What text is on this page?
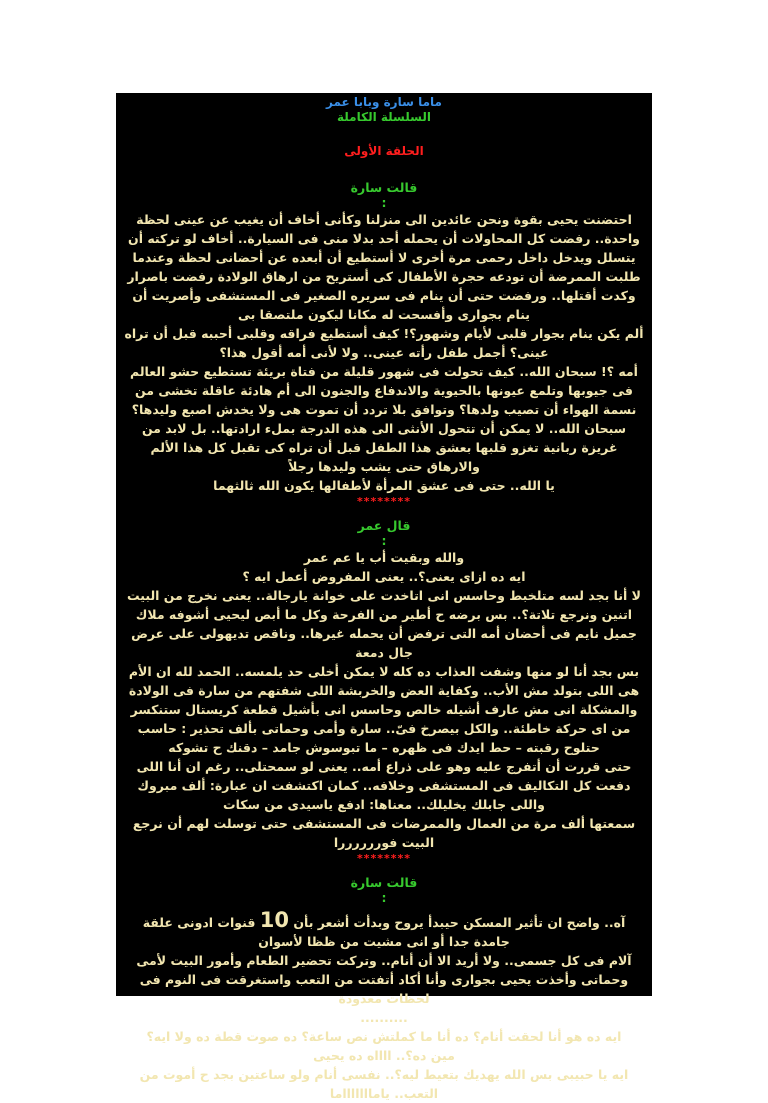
ماما سارة وبابا عمر

السلسلة الكاملة

الحلقة الأولى

قالت سارة

:

احتضنت يحيى بقوة ونحن عائدين الى منزلنا وكأنى أخاف أن يغيب عن عينى لحظة واحدة.. رفضت كل المحاولات أن يحمله أحد بدلا منى فى السيارة.. أخاف لو تركته أن يتسلل ويدخل داخل رحمى مرة أخرى لا أستطيع أن أبعده عن أحضانى لحظة وعندما طلبت الممرضة أن تودعه حجرة الأطفال كى أستريح من ارهاق الولادة رفضت باصرار وكدت أقتلها.. ورفضت حتى أن ينام فى سريره الصغير فى المستشفى وأصريت أن ينام بجوارى وأفسحت له مكانا ليكون ملتصقا بى

ألم يكن ينام بجوار قلبى لأيام وشهور؟! كيف أستطيع فراقه وقلبى أحببه قبل أن تراه عينى؟ أجمل طفل رأته عينى.. ولا لأنى أمه أقول هذا؟

أمه ؟! سبحان الله.. كيف تحولت فى شهور قليلة من فتاة بريئة تستطيع حشو العالم فى جيوبها وتلمع عيونها بالحيوية والاندفاع والجنون الى أم هادئة عاقلة تخشى من نسمة الهواء أن تصيب ولدها؟ وتوافق بلا تردد أن تموت هى ولا يخدش اصبع وليدها؟

سبحان الله.. لا يمكن أن تتحول الأنثى الى هذه الدرجة بملء ارادتها.. بل لابد من غريزة ربانية تغزو قلبها بعشق هذا الطفل قبل أن تراه كى تقبل كل هذا الألم والارهاق حتى يشب وليدها رجلاً

يا الله.. حتى فى عشق المرأة لأطفالها يكون الله ثالثهما

********

قال عمر

:

والله وبقيت أب يا عم عمر

ايه ده ازاى يعنى؟.. يعنى المفروض أعمل ايه ؟

لا أنا بجد لسه متلخبط وحاسس انى اتاخدت على خوانة يارجالة.. يعنى نخرج من البيت اتنين ونرجع تلاتة؟.. بس برضه ح أطير من الفرحة وكل ما أبص ليحيى أشوفه ملاك جميل نايم فى أحضان أمه التى ترفض أن يحمله غيرها.. وناقص تديهولى على عرض جال دمعة

بس بجد أنا لو منها وشفت العذاب ده كله لا يمكن أخلى حد يلمسه.. الحمد لله ان الأم هى اللى بتولد مش الأب.. وكفاية العض والخربشة اللى شفتهم من سارة فى الولادة

والمشكلة انى مش عارف أشيله خالص وحاسس انى بأشيل قطعة كريستال ستنكسر من اى حركة خاطئة.. والكل بيصرخ فىّ.. سارة وأمى وحماتى بألف تحذير : حاسب حتلوح رقبته – حط ايدك فى ظهره – ما تبوسوش جامد – دقنك ح تشوكه

حتى قررت أن أتفرج عليه وهو على ذراع أمه.. يعنى لو سمحتلى.. رغم ان أنا اللى دفعت كل التكاليف فى المستشفى وخلافه.. كمان اكتشفت ان عبارة: ألف مبروك واللى جابلك يخليلك.. معناها: ادفع ياسيدى من سكات

سمعتها ألف مرة من العمال والممرضات فى المستشفى حتى توسلت لهم أن نرجع البيت فوررررررا

********

قالت سارة

:

آه.. واضح ان تأثير المسكن حيبدأ يروح وبدأت أشعر بأن 10 قنوات ادونى علقة جامدة جدا أو انى مشيت من ظظا لأسوان

آلام فى كل جسمى.. ولا أريد الا أن أنام.. وتركت تحضير الطعام وأمور البيت لأمى وحماتى وأخذت يحيى بجوارى وأنا أكاد أتفتت من التعب واستغرقت فى النوم فى لحظات معدودة

..........

ايه ده هو أنا لحقت أنام؟ ده أنا ما كملتش نص ساعة؟ ده صوت قطة ده ولا ايه؟

مين ده؟.. ااااه ده يحيى

ايه يا حبيبى بس الله يهديك بتعيط ليه؟.. نفسى أنام ولو ساعتين بجد ح أموت من التعب.. ياماااااااما
